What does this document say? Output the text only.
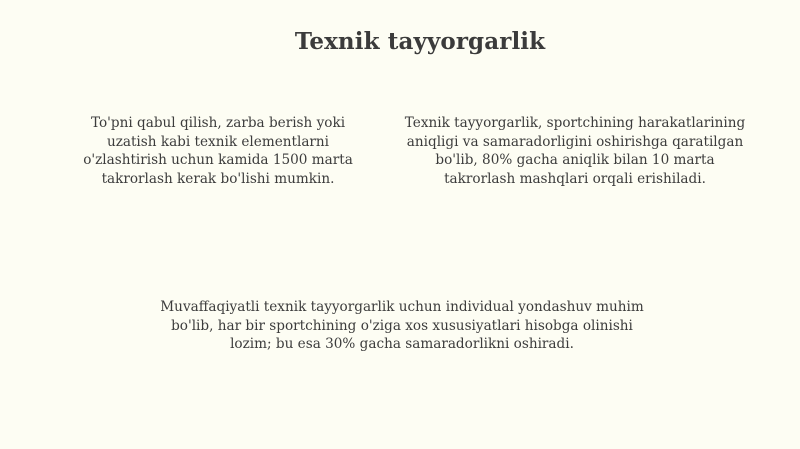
Texnik tayyorgarlik

To'pni qabul qilish, zarba berish yoki uzatish kabi texnik elementlarni o'zlashtirish uchun kamida 1500 marta takrorlash kerak bo'lishi mumkin.

Texnik tayyorgarlik, sportchining harakatlarining aniqligi va samaradorligini oshirishga qaratilgan bo'lib, 80% gacha aniqlik bilan 10 marta takrorlash mashqlari orqali erishiladi.

Muvaffaqiyatli texnik tayyorgarlik uchun individual yondashuv muhim bo'lib, har bir sportchining o'ziga xos xususiyatlari hisobga olinishi lozim; bu esa 30% gacha samaradorlikni oshiradi.
